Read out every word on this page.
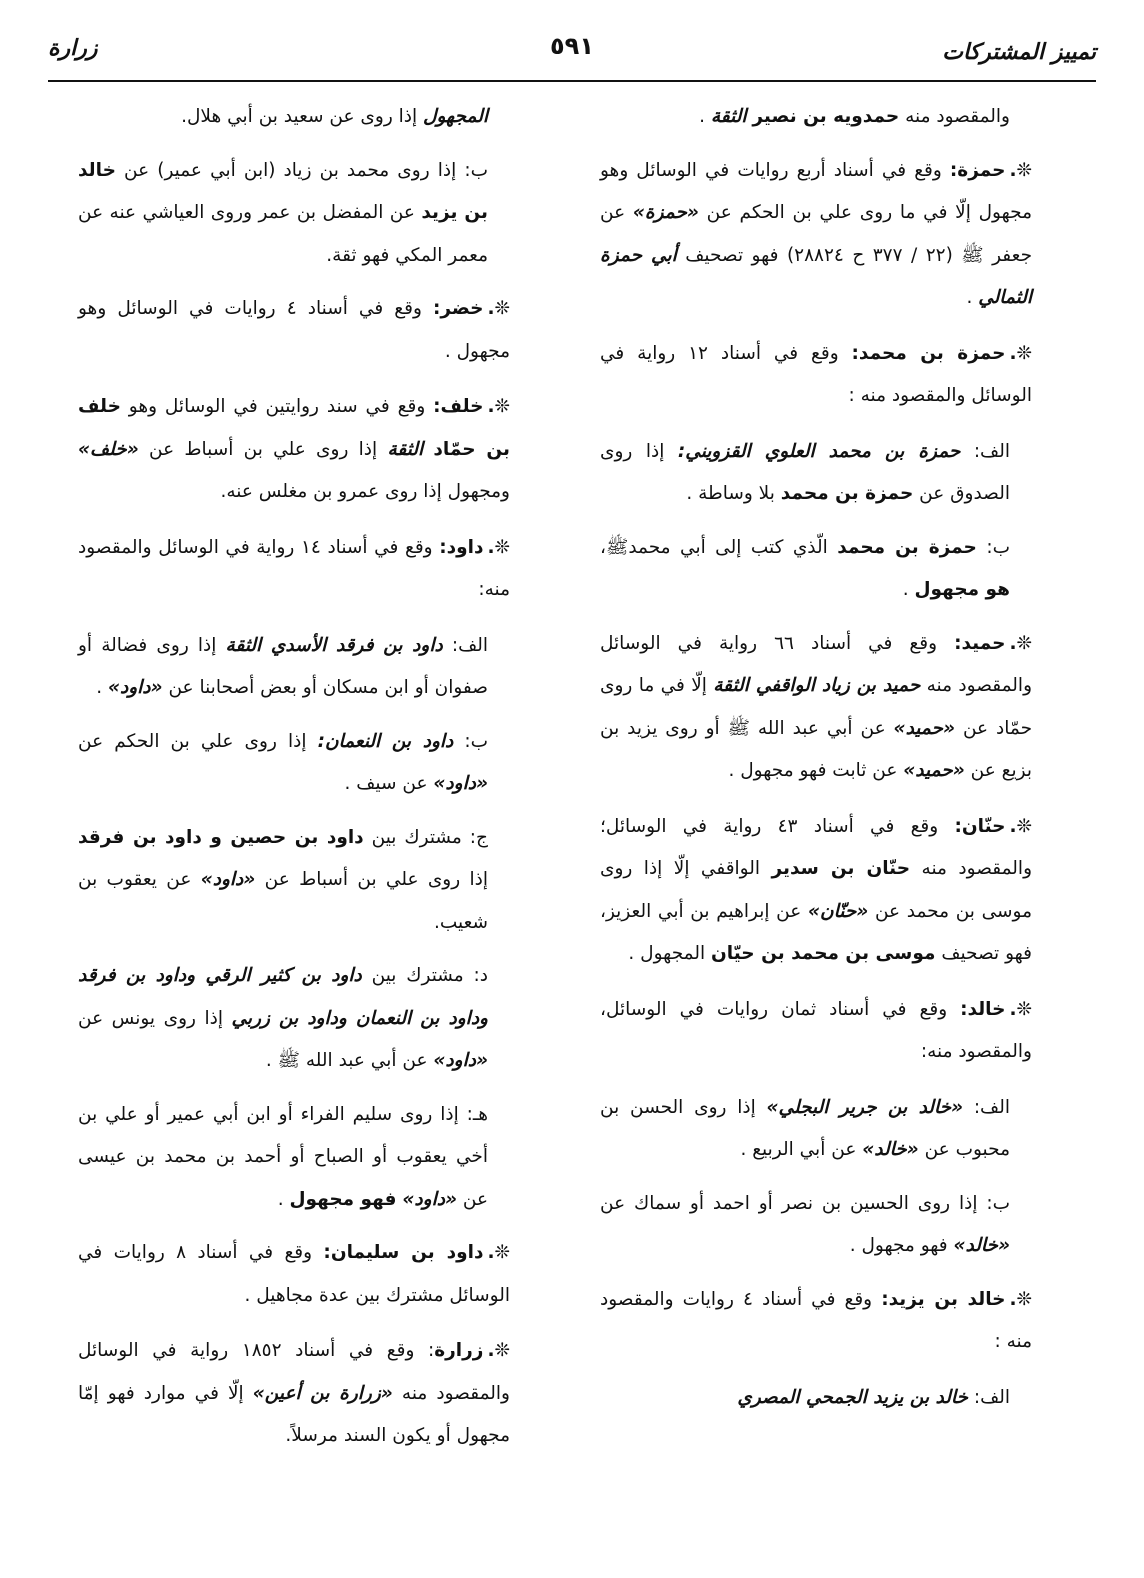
تمييز المشتركات
٥٩١
زرارة
والمقصود منه حمدويه بن نصير الثقة .
❊.حمزة: وقع في أسناد أربع روايات في الوسائل وهو مجهول إلّا في ما روى علي بن الحكم عن «حمزة» عن جعفر ﷺ (٢٢ / ٣٧٧ ح ٢٨٨٢٤) فهو تصحيف أبي حمزة الثمالي .
❊.حمزة بن محمد: وقع في أسناد ١٢ رواية في الوسائل والمقصود منه :
الف: حمزة بن محمد العلوي القزويني: إذا روى الصدوق عن حمزة بن محمد بلا وساطة .
ب: حمزة بن محمد الّذي كتب إلى أبي محمدﷺ، هو مجهول .
❊.حميد: وقع في أسناد ٦٦ رواية في الوسائل والمقصود منه حميد بن زياد الواقفي الثقة إلّا في ما روى حمّاد عن «حميد» عن أبي عبد الله ﷺ أو روى يزيد بن بزيع عن «حميد» عن ثابت فهو مجهول .
❊.حنّان: وقع في أسناد ٤٣ رواية في الوسائل؛ والمقصود منه حنّان بن سدير الواقفي إلّا إذا روى موسى بن محمد عن «حنّان» عن إبراهيم بن أبي العزيز، فهو تصحيف موسى بن محمد بن حيّان المجهول .
❊.خالد: وقع في أسناد ثمان روايات في الوسائل، والمقصود منه:
الف: «خالد بن جرير البجلي» إذا روى الحسن بن محبوب عن «خالد» عن أبي الربيع .
ب: إذا روى الحسين بن نصر أو احمد أو سماك عن «خالد» فهو مجهول .
❊.خالد بن يزيد: وقع في أسناد ٤ روايات والمقصود منه :
الف: خالد بن يزيد الجمحي المصري
المجهول إذا روى عن سعيد بن أبي هلال.
ب: إذا روى محمد بن زياد (ابن أبي عمير) عن خالد بن يزيد عن المفضل بن عمر وروى العياشي عنه عن معمر المكي فهو ثقة.
❊.خضر: وقع في أسناد ٤ روايات في الوسائل وهو مجهول .
❊.خلف: وقع في سند روايتين في الوسائل وهو خلف بن حمّاد الثقة إذا روى علي بن أسباط عن «خلف» ومجهول إذا روى عمرو بن مغلس عنه.
❊.داود: وقع في أسناد ١٤ رواية في الوسائل والمقصود منه:
الف: داود بن فرقد الأسدي الثقة إذا روى فضالة أو صفوان أو ابن مسكان أو بعض أصحابنا عن «داود» .
ب: داود بن النعمان: إذا روى علي بن الحكم عن «داود» عن سيف .
ج: مشترك بين داود بن حصين و داود بن فرقد إذا روى علي بن أسباط عن «داود» عن يعقوب بن شعيب.
د: مشترك بين داود بن كثير الرقي وداود بن فرقد وداود بن النعمان وداود بن زربي إذا روى يونس عن «داود» عن أبي عبد الله ﷺ .
هـ: إذا روى سليم الفراء أو ابن أبي عمير أو علي بن أخي يعقوب أو الصباح أو أحمد بن محمد بن عيسى عن «داود» فهو مجهول .
❊.داود بن سليمان: وقع في أسناد ٨ روايات في الوسائل مشترك بين عدة مجاهيل .
❊.زرارة: وقع في أسناد ١٨٥٢ رواية في الوسائل والمقصود منه «زرارة بن أعين» إلّا في موارد فهو إمّا مجهول أو يكون السند مرسلاً.
